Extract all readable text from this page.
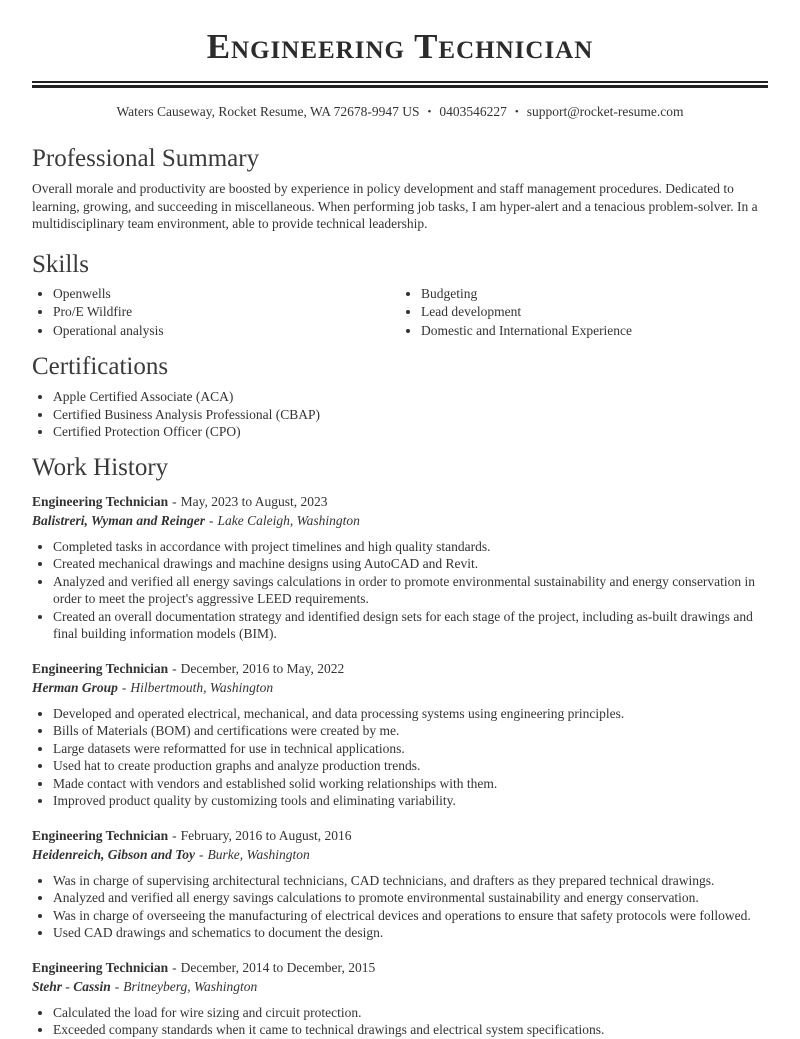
Engineering Technician
Waters Causeway, Rocket Resume, WA 72678-9947 US • 0403546227 • support@rocket-resume.com
Professional Summary

Overall morale and productivity are boosted by experience in policy development and staff management procedures. Dedicated to learning, growing, and succeeding in miscellaneous. When performing job tasks, I am hyper-alert and a tenacious problem-solver. In a multidisciplinary team environment, able to provide technical leadership.

Skills
• Openwells
• Pro/E Wildfire
• Operational analysis
• Budgeting
• Lead development
• Domestic and International Experience
Certifications
• Apple Certified Associate (ACA)
• Certified Business Analysis Professional (CBAP)
• Certified Protection Officer (CPO)
Work History

Engineering Technician - May, 2023 to August, 2023

Balistreri, Wyman and Reinger - Lake Caleigh, Washington

• Completed tasks in accordance with project timelines and high quality standards.
• Created mechanical drawings and machine designs using AutoCAD and Revit.
• Analyzed and verified all energy savings calculations in order to promote environmental sustainability and energy conservation in order to meet the project's aggressive LEED requirements.
• Created an overall documentation strategy and identified design sets for each stage of the project, including as-built drawings and final building information models (BIM).

Engineering Technician - December, 2016 to May, 2022

Herman Group - Hilbertmouth, Washington

• Developed and operated electrical, mechanical, and data processing systems using engineering principles.
• Bills of Materials (BOM) and certifications were created by me.
• Large datasets were reformatted for use in technical applications.
• Used hat to create production graphs and analyze production trends.
• Made contact with vendors and established solid working relationships with them.
• Improved product quality by customizing tools and eliminating variability.

Engineering Technician - February, 2016 to August, 2016

Heidenreich, Gibson and Toy - Burke, Washington

• Was in charge of supervising architectural technicians, CAD technicians, and drafters as they prepared technical drawings.
• Analyzed and verified all energy savings calculations to promote environmental sustainability and energy conservation.
• Was in charge of overseeing the manufacturing of electrical devices and operations to ensure that safety protocols were followed.
• Used CAD drawings and schematics to document the design.

Engineering Technician - December, 2014 to December, 2015

Stehr - Cassin - Britneyberg, Washington

• Calculated the load for wire sizing and circuit protection.
• Exceeded company standards when it came to technical drawings and electrical system specifications.
